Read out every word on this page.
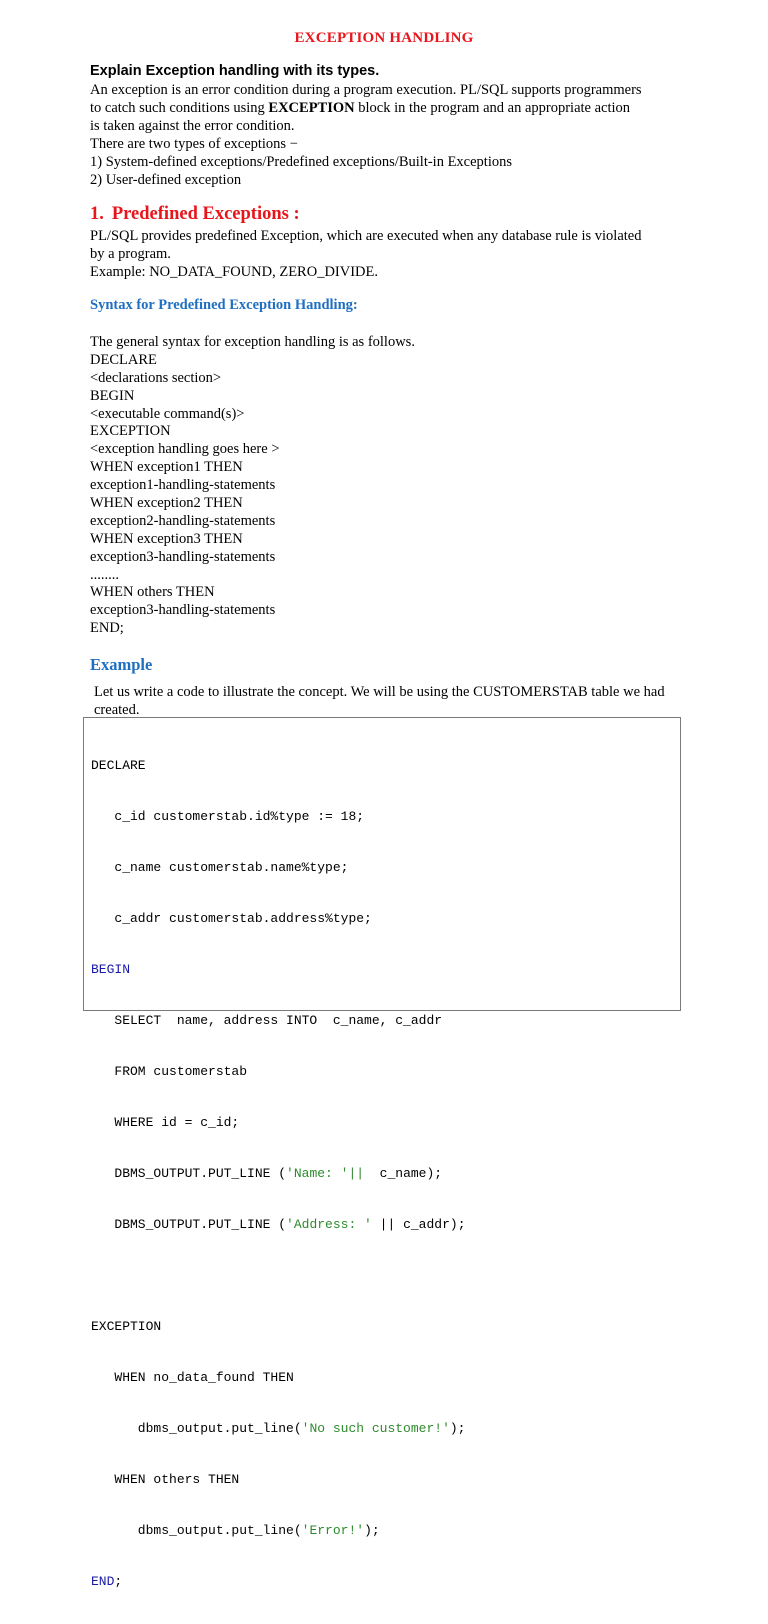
EXCEPTION HANDLING
Explain Exception handling with its types.
An exception is an error condition during a program execution. PL/SQL supports programmers
to catch such conditions using EXCEPTION block in the program and an appropriate action
is taken against the error condition.
There are two types of exceptions −
1) System-defined exceptions/Predefined exceptions/Built-in Exceptions
2) User-defined exception
1. Predefined Exceptions :
PL/SQL provides predefined Exception, which are executed when any database rule is violated
by a program.
Example: NO_DATA_FOUND, ZERO_DIVIDE.
Syntax for Predefined Exception Handling:
The general syntax for exception handling is as follows.
DECLARE
<declarations section>
BEGIN
<executable command(s)>
EXCEPTION
<exception handling goes here >
WHEN exception1 THEN
exception1-handling-statements
WHEN exception2 THEN
exception2-handling-statements
WHEN exception3 THEN
exception3-handling-statements
........
WHEN others THEN
exception3-handling-statements
END;
Example
Let us write a code to illustrate the concept. We will be using the CUSTOMERSTAB table we had created.

DECLARE

c_id customerstab.id%type := 18;

c_name customerstab.name%type;

c_addr customerstab.address%type;

BEGIN

SELECT  name, address INTO  c_name, c_addr

FROM customerstab

WHERE id = c_id;

DBMS_OUTPUT.PUT_LINE ('Name: '||  c_name);

DBMS_OUTPUT.PUT_LINE ('Address: ' || c_addr);

EXCEPTION

WHEN no_data_found THEN

dbms_output.put_line('No such customer!');

WHEN others THEN

dbms_output.put_line('Error!');

END;
